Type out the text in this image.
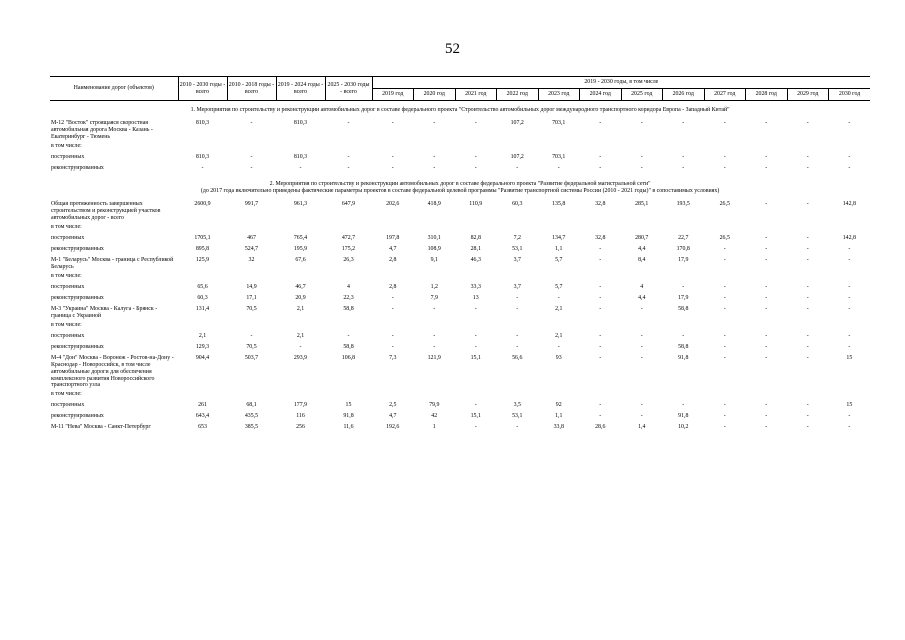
52
Наименование дорог (объектов)	2010 - 2030 годы - всего	2010 - 2018 годы - всего	2019 - 2024 годы - всего	2025 - 2030 годы - всего	2019 - 2030 годы, в том числе											
					2019 год	2020 год	2021 год	2022 год	2023 год	2024 год	2025 год	2026 год	2027 год	2028 год	2029 год	2030 год

1. Мероприятия по строительству и реконструкции автомобильных дорог в составе федерального проекта "Строительство автомобильных дорог международного транспортного коридора Европа - Западный Китай"																

М-12 "Восток" строящаяся скоростная автомобильная дорога Москва - Казань - Екатеринбург - Тюмень	810,3	-	810,3	-	-	-	-	107,2	703,1	-	-	-	-	-	-	-
в том числе:																
построенных	810,3	-	810,3	-	-	-	-	107,2	703,1	-	-	-	-	-	-	-
реконструированных	-	-	-	-	-	-	-	-	-	-	-	-	-	-	-	-

2. Мероприятия по строительству и реконструкции автомобильных дорог в составе федерального проекта "Развитие федеральной магистральной сети"
(до 2017 года включительно приведены фактические параметры проектов в составе федеральной целевой программы "Развитие транспортной системы России (2010 - 2021 годы)" в сопоставимых условиях)																

Общая протяженность завершенных строительством и реконструкцией участков автомобильных дорог - всего	2600,9	991,7	961,3	647,9	202,6	418,9	110,9	60,3	135,8	32,8	285,1	193,5	26,5	-	-	142,8
в том числе:																
построенных	1705,1	467	765,4	472,7	197,8	310,1	82,8	7,2	134,7	32,8	280,7	22,7	26,5	-	-	142,8
реконструированных	895,8	524,7	195,9	175,2	4,7	108,9	28,1	53,1	1,1	-	4,4	170,8	-	-	-	-
М-1 "Беларусь" Москва - граница с Республикой Беларусь	125,9	32	67,6	26,3	2,8	9,1	46,3	3,7	5,7	-	8,4	17,9	-	-	-	-
в том числе:																
построенных	65,6	14,9	46,7	4	2,8	1,2	33,3	3,7	5,7	-	4	-	-	-	-	-
реконструированных	60,3	17,1	20,9	22,3	-	7,9	13	-	-	-	4,4	17,9	-	-	-	-
М-3 "Украина" Москва - Калуга - Брянск - граница с Украиной	131,4	70,5	2,1	58,8	-	-	-	-	2,1	-	-	58,8	-	-	-	-
в том числе:																
построенных	2,1	-	2,1	-	-	-	-	-	2,1	-	-	-	-	-	-	-
реконструированных	129,3	70,5	-	58,8	-	-	-	-	-	-	-	58,8	-	-	-	-
М-4 "Дон" Москва - Воронеж - Ростов-на-Дону - Краснодар - Новороссийск, в том числе автомобильные дороги для обеспечения комплексного развития Новороссийского транспортного узла	904,4	503,7	293,9	106,8	7,3	121,9	15,1	56,6	93	-	-	91,8	-	-	-	15
в том числе:																
построенных	261	68,1	177,9	15	2,5	79,9	-	3,5	92	-	-	-	-	-	-	15
реконструированных	643,4	435,5	116	91,8	4,7	42	15,1	53,1	1,1	-	-	91,8	-	-	-	-
М-11 "Нева" Москва - Санкт-Петербург	653	385,5	256	11,6	192,6	1	-	-	33,8	28,6	1,4	10,2	-	-	-	-
